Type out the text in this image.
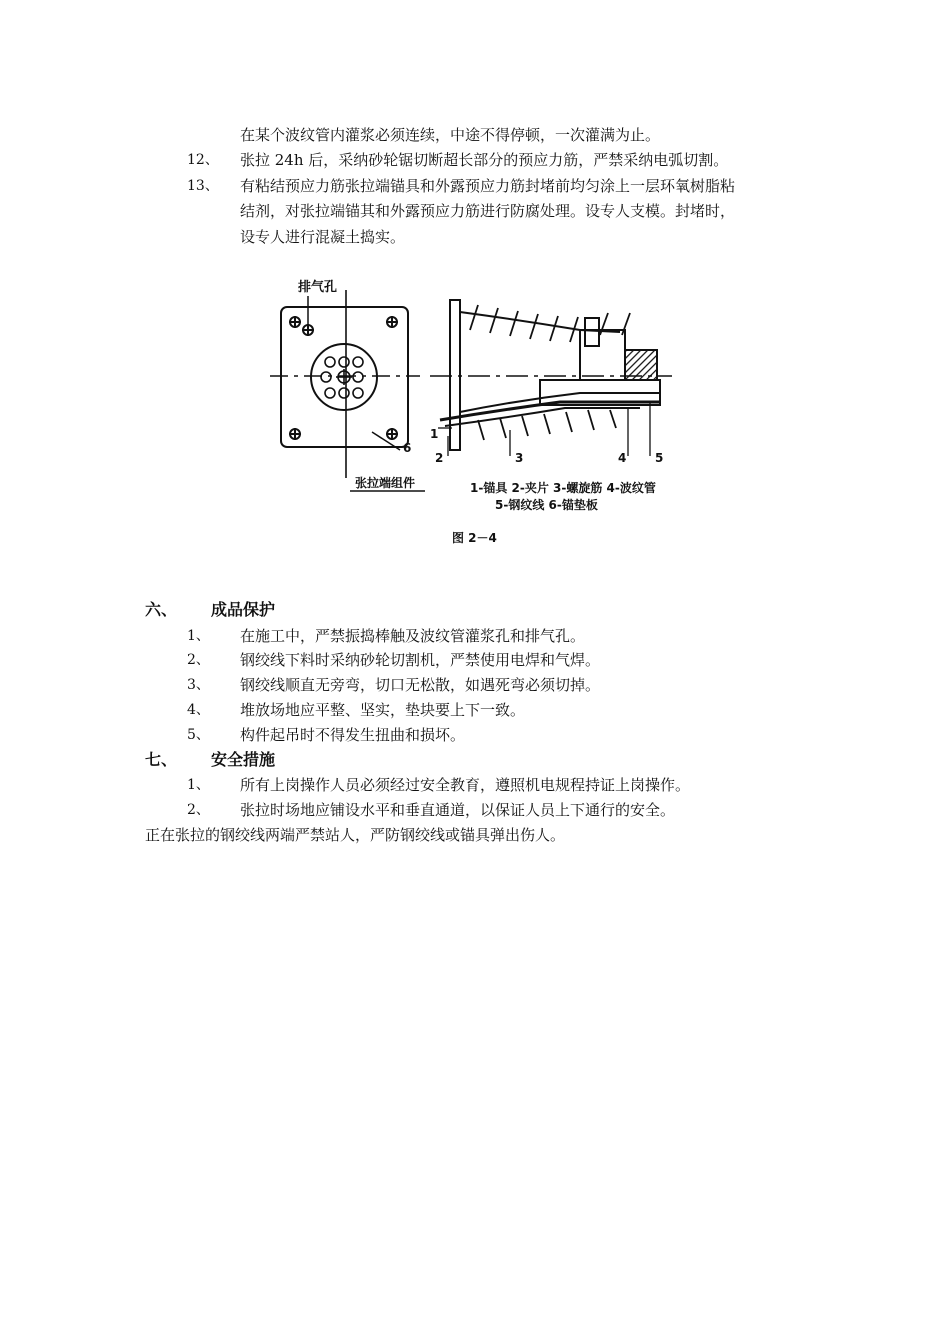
在某个波纹管内灌浆必须连续，中途不得停顿，一次灌满为止。
12、 张拉 24h 后，采纳砂轮锯切断超长部分的预应力筋，严禁采纳电弧切割。
13、 有粘结预应力筋张拉端锚具和外露预应力筋封堵前均匀涂上一层环氧树脂粘
结剂，对张拉端锚其和外露预应力筋进行防腐处理。设专人支模。封堵时，
设专人进行混凝土捣实。
排气孔
张拉端组件
6
1
2	3	4 5
1-锚具 2-夹片 3-螺旋筋 4-波纹管
5-钢纹线 6-锚垫板
图 2－4
六、 成品保护
1、 在施工中，严禁振捣棒触及波纹管灌浆孔和排气孔。
2、 钢绞线下料时采纳砂轮切割机，严禁使用电焊和气焊。
3、 钢绞线顺直无旁弯，切口无松散，如遇死弯必须切掉。
4、 堆放场地应平整、坚实，垫块要上下一致。
5、 构件起吊时不得发生扭曲和损坏。
七、 安全措施
1、 所有上岗操作人员必须经过安全教育，遵照机电规程持证上岗操作。
2、 张拉时场地应铺设水平和垂直通道，以保证人员上下通行的安全。
正在张拉的钢绞线两端严禁站人，严防钢绞线或锚具弹出伤人。
